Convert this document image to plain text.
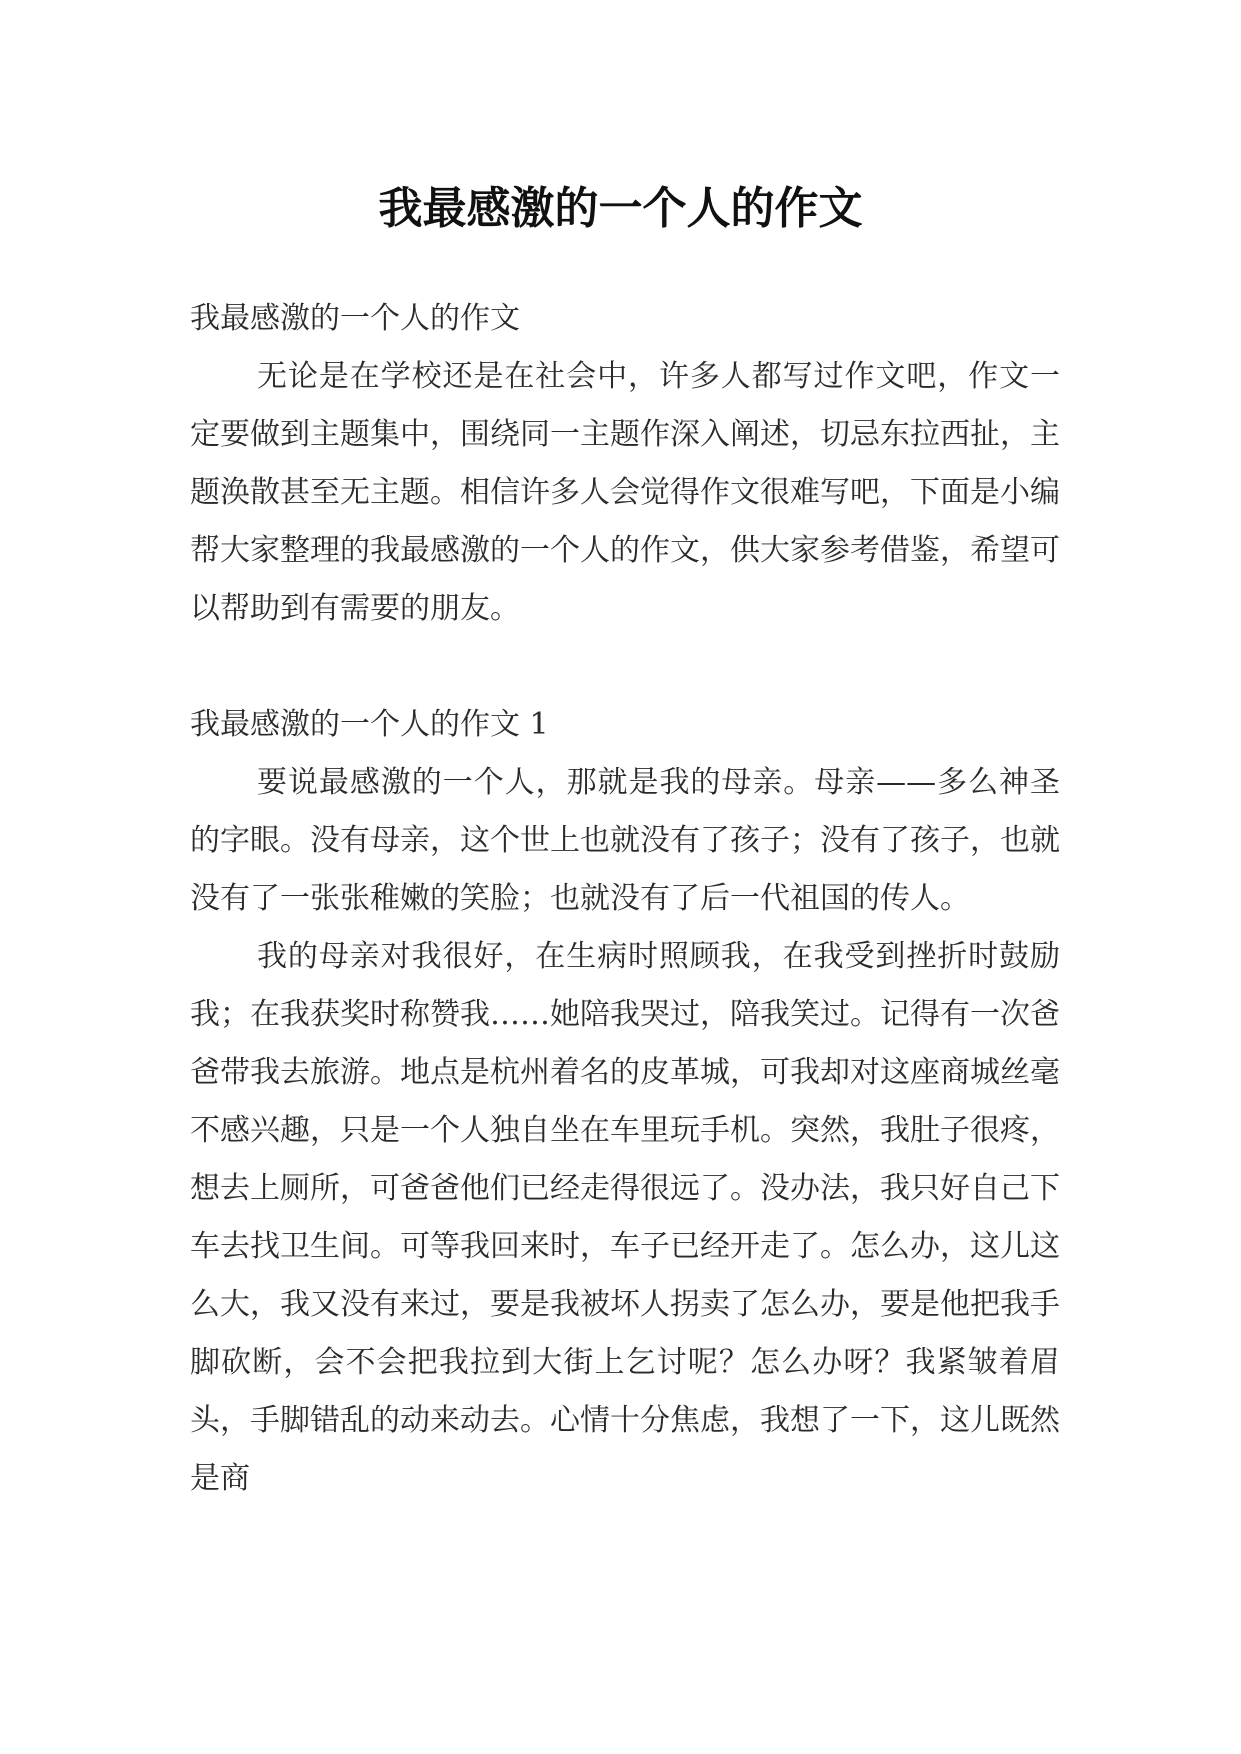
我最感激的一个人的作文

我最感激的一个人的作文

无论是在学校还是在社会中，许多人都写过作文吧，作文一定要做到主题集中，围绕同一主题作深入阐述，切忌东拉西扯，主题涣散甚至无主题。相信许多人会觉得作文很难写吧，下面是小编帮大家整理的我最感激的一个人的作文，供大家参考借鉴，希望可以帮助到有需要的朋友。

我最感激的一个人的作文 1

要说最感激的一个人，那就是我的母亲。母亲——多么神圣的字眼。没有母亲，这个世上也就没有了孩子；没有了孩子，也就没有了一张张稚嫩的笑脸；也就没有了后一代祖国的传人。

我的母亲对我很好，在生病时照顾我，在我受到挫折时鼓励我；在我获奖时称赞我……她陪我哭过，陪我笑过。记得有一次爸爸带我去旅游。地点是杭州着名的皮革城，可我却对这座商城丝毫不感兴趣，只是一个人独自坐在车里玩手机。突然，我肚子很疼，想去上厕所，可爸爸他们已经走得很远了。没办法，我只好自己下车去找卫生间。可等我回来时，车子已经开走了。怎么办，这儿这么大，我又没有来过，要是我被坏人拐卖了怎么办，要是他把我手脚砍断，会不会把我拉到大街上乞讨呢？怎么办呀？我紧皱着眉头，手脚错乱的动来动去。心情十分焦虑，我想了一下，这儿既然是商
